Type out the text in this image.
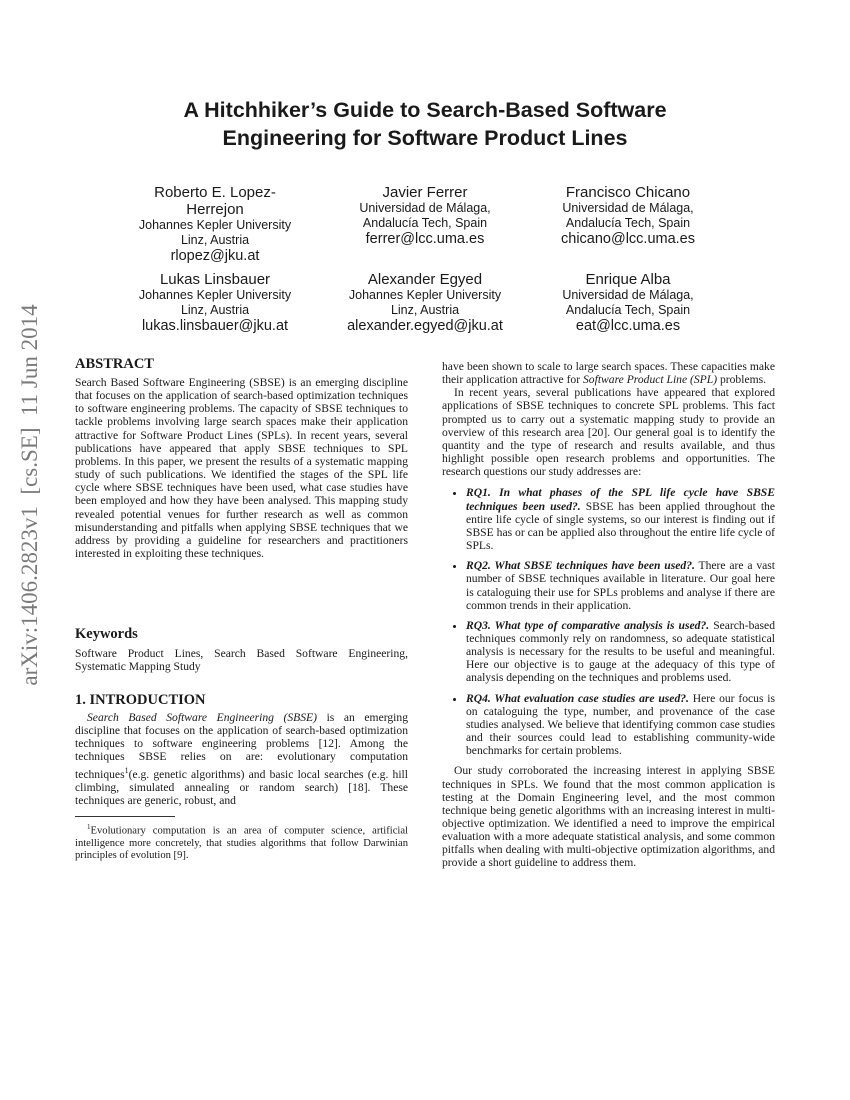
arXiv:1406.2823v1  [cs.SE]  11 Jun 2014
A Hitchhiker’s Guide to Search-Based Software
Engineering for Software Product Lines
Roberto E. Lopez-Herrejon
Johannes Kepler University
Linz, Austria
rlopez@jku.at
Javier Ferrer
Universidad de Málaga,
Andalucía Tech, Spain
ferrer@lcc.uma.es
Francisco Chicano
Universidad de Málaga,
Andalucía Tech, Spain
chicano@lcc.uma.es
Lukas Linsbauer
Johannes Kepler University
Linz, Austria
lukas.linsbauer@jku.at
Alexander Egyed
Johannes Kepler University
Linz, Austria
alexander.egyed@jku.at
Enrique Alba
Universidad de Málaga,
Andalucía Tech, Spain
eat@lcc.uma.es
ABSTRACT

Search Based Software Engineering (SBSE) is an emerging discipline that focuses on the application of search-based optimization techniques to software engineering problems. The capacity of SBSE techniques to tackle problems involving large search spaces make their application attractive for Software Product Lines (SPLs). In recent years, several publications have appeared that apply SBSE techniques to SPL problems. In this paper, we present the results of a systematic mapping study of such publications. We identified the stages of the SPL life cycle where SBSE techniques have been used, what case studies have been employed and how they have been analysed. This mapping study revealed potential venues for further research as well as common misunderstanding and pitfalls when applying SBSE techniques that we address by providing a guideline for researchers and practitioners interested in exploiting these techniques.

Keywords

Software Product Lines, Search Based Software Engineering, Systematic Mapping Study

1. INTRODUCTION

Search Based Software Engineering (SBSE) is an emerging discipline that focuses on the application of search-based optimization techniques to software engineering problems [12]. Among the techniques SBSE relies on are: evolutionary computation techniques$^1$(e.g. genetic algorithms) and basic local searches (e.g. hill climbing, simulated annealing or random search) [18]. These techniques are generic, robust, and

$^1$Evolutionary computation is an area of computer science, artificial intelligence more concretely, that studies algorithms that follow Darwinian principles of evolution [9].

have been shown to scale to large search spaces. These capacities make their application attractive for Software Product Line (SPL) problems.

In recent years, several publications have appeared that explored applications of SBSE techniques to concrete SPL problems. This fact prompted us to carry out a systematic mapping study to provide an overview of this research area [20]. Our general goal is to identify the quantity and the type of research and results available, and thus highlight possible open research problems and opportunities. The research questions our study addresses are:

• RQ1. In what phases of the SPL life cycle have SBSE techniques been used?. SBSE has been applied throughout the entire life cycle of single systems, so our interest is finding out if SBSE has or can be applied also throughout the entire life cycle of SPLs.
• RQ2. What SBSE techniques have been used?. There are a vast number of SBSE techniques available in literature. Our goal here is cataloguing their use for SPLs problems and analyse if there are common trends in their application.
• RQ3. What type of comparative analysis is used?. Search-based techniques commonly rely on randomness, so adequate statistical analysis is necessary for the results to be useful and meaningful. Here our objective is to gauge at the adequacy of this type of analysis depending on the techniques and problems used.
• RQ4. What evaluation case studies are used?. Here our focus is on cataloguing the type, number, and provenance of the case studies analysed. We believe that identifying common case studies and their sources could lead to establishing community-wide benchmarks for certain problems.

Our study corroborated the increasing interest in applying SBSE techniques in SPLs. We found that the most common application is testing at the Domain Engineering level, and the most common technique being genetic algorithms with an increasing interest in multi-objective optimization. We identified a need to improve the empirical evaluation with a more adequate statistical analysis, and some common pitfalls when dealing with multi-objective optimization algorithms, and provide a short guideline to address them.
